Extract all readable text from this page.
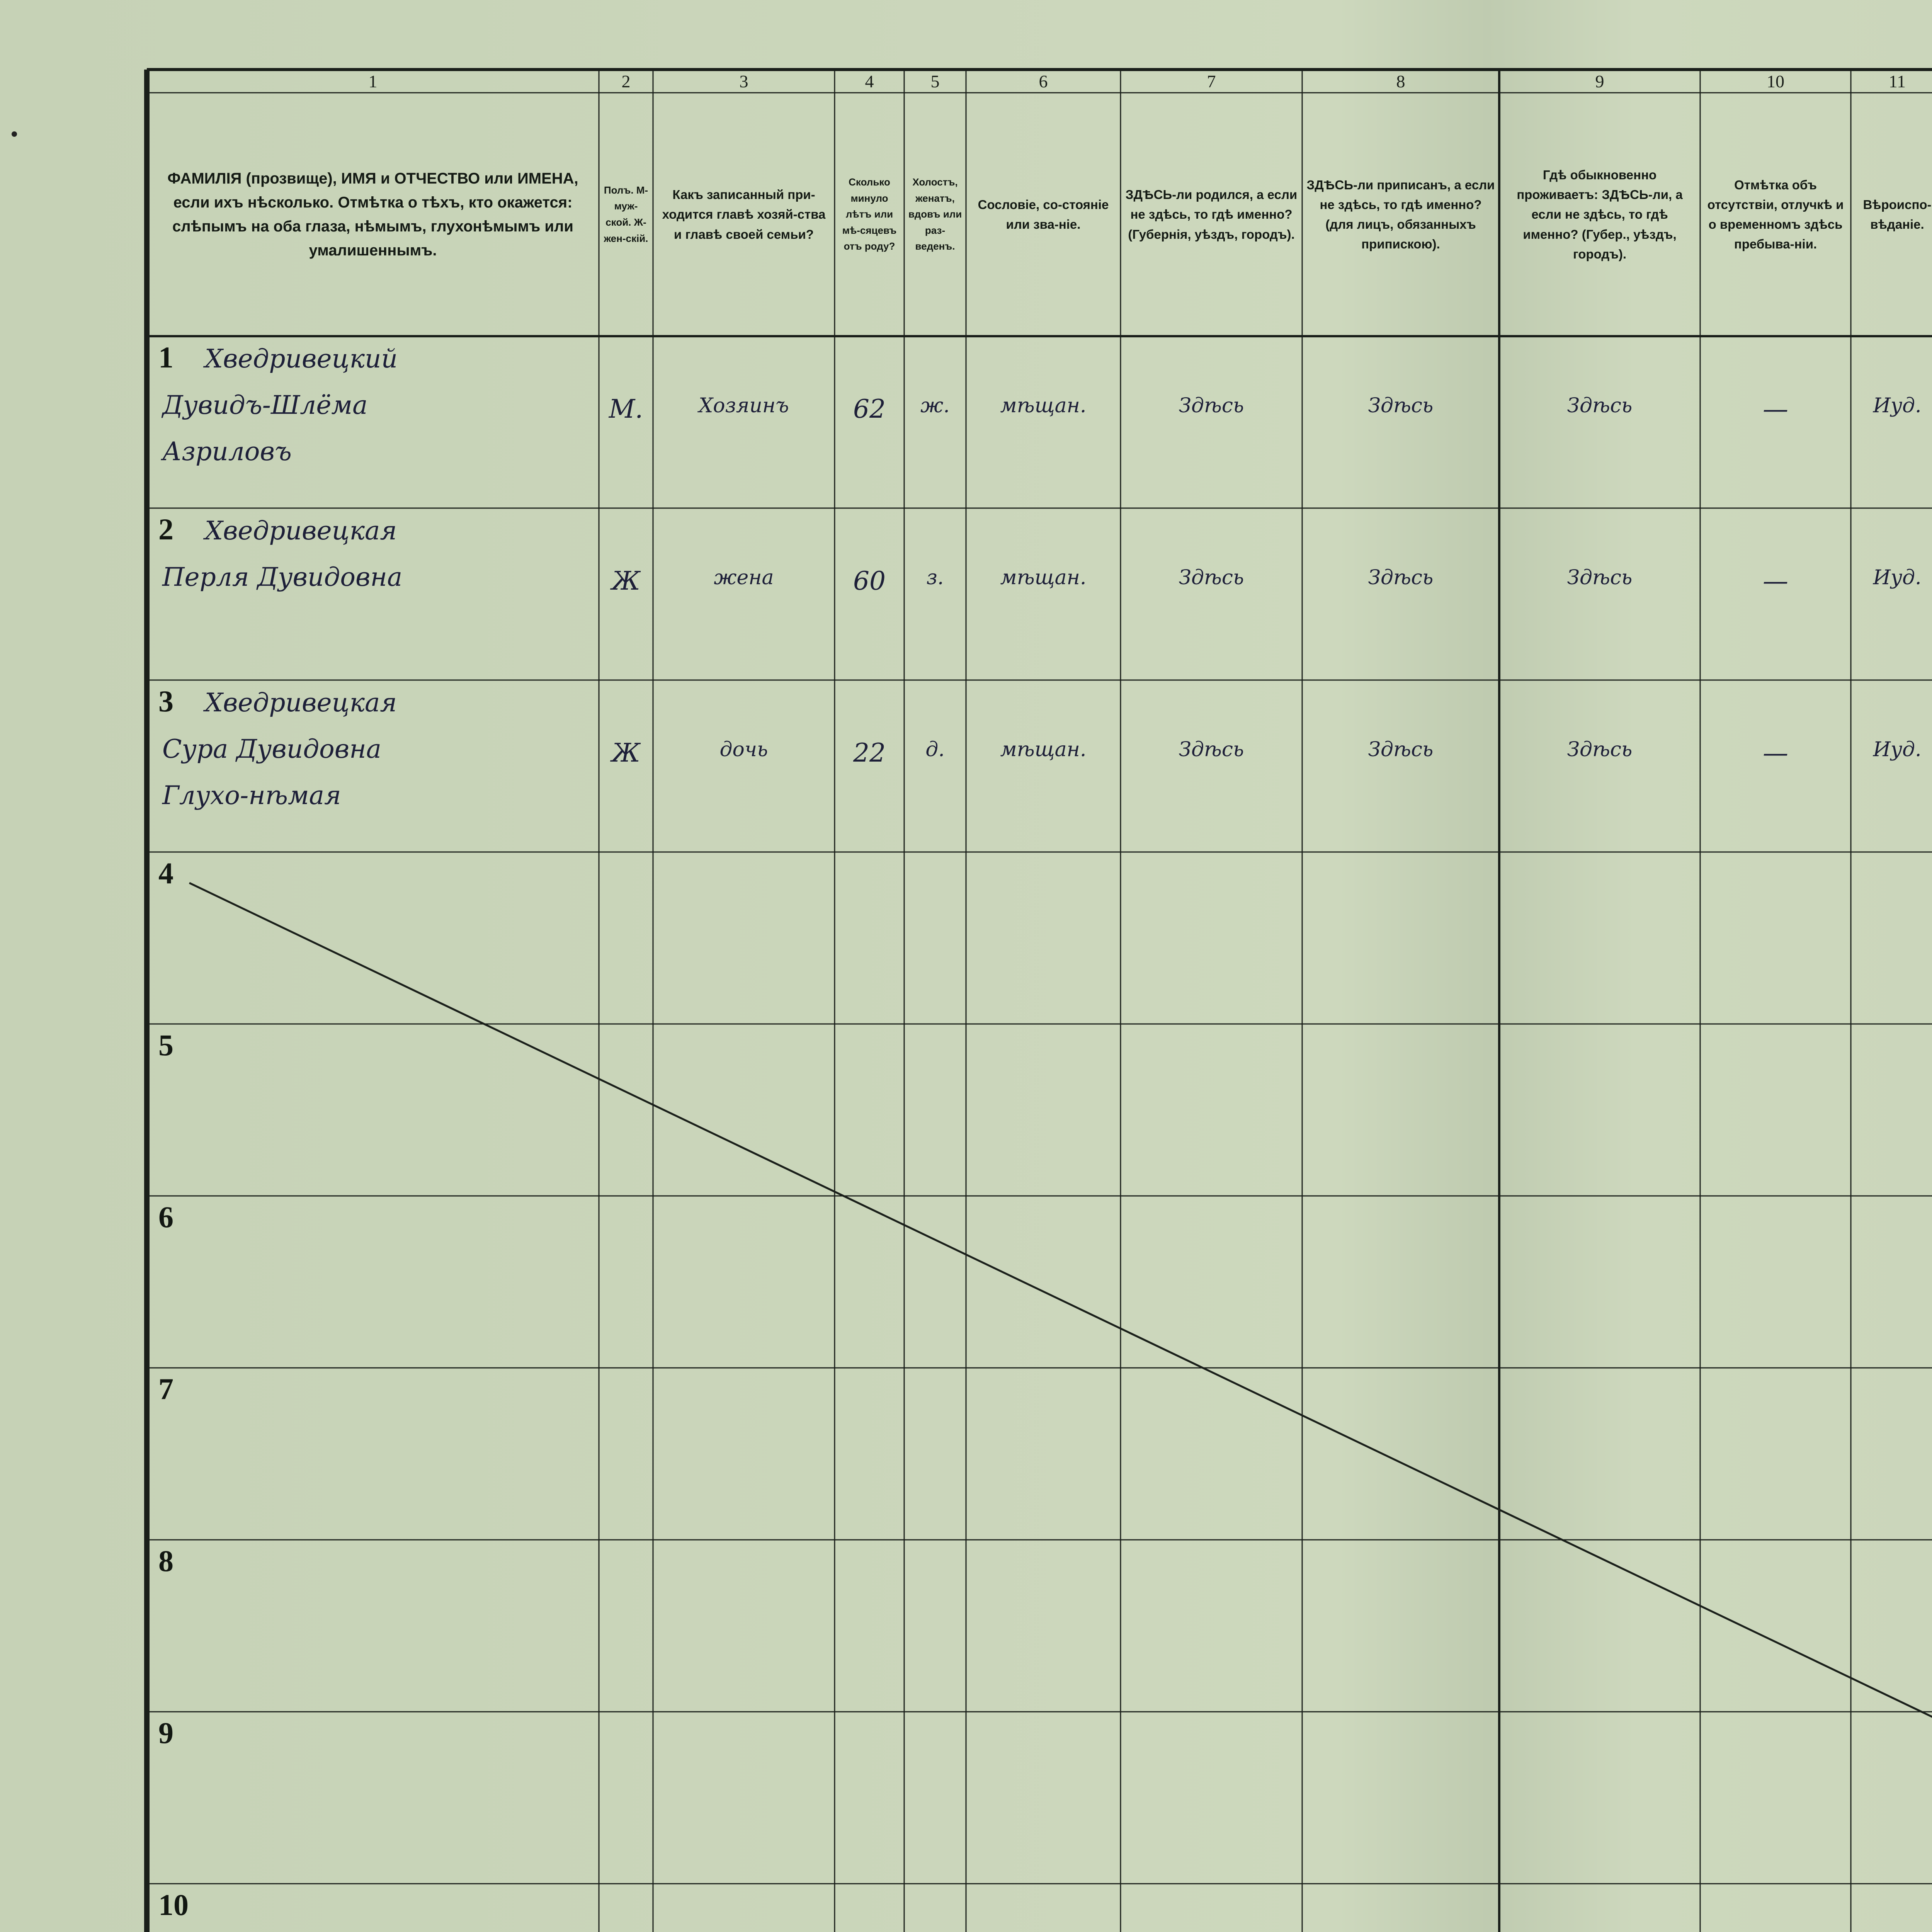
1	2	3	4	5	6	7	8	9	10	11
ФАМИЛІЯ (прозвище), ИМЯ и ОТЧЕСТВО или ИМЕНА, если ихъ нѣсколько. Отмѣтка о тѣхъ, кто окажется: слѣпымъ на оба глаза, нѣмымъ, глухонѣмымъ или умалишеннымъ.
Полъ. М-муж-ской. Ж-жен-скій.
Какъ записанный при-ходится главѣ хозяй-ства и главѣ своей семьи?
Сколько минуло лѣтъ или мѣ-сяцевъ отъ роду?
Холостъ, женатъ, вдовъ или раз-веденъ.
Сословіе, со-стояніе или зва-ніе.
ЗДѢСЬ-ли родился, а если не здѣсь, то гдѣ именно? (Губернія, уѣздъ, городъ).
ЗДѢСЬ-ли приписанъ, а если не здѣсь, то гдѣ именно? (для лицъ, обязанныхъ припискою).
Гдѣ обыкновенно проживаетъ: ЗДѢСЬ-ли, а если не здѣсь, то гдѣ именно? (Губер., уѣздъ, городъ).
Отмѣтка объ отсутствіи, отлучкѣ и о временномъ здѣсь пребыва-ніи.
Вѣроиспо-вѣданіе.
1 Хведривецкий
Дувидъ-Шлёма
Азриловъ
М.	Хозяинъ	62	ж.	мѣщан.	Здѣсь	Здѣсь	Здѣсь	—	Иуд.
2 Хведривецкая
Перля Дувидовна	Ж	жена	60	з.	мѣщан.	Здѣсь	Здѣсь	Здѣсь	—	Иуд.
3 Хведривецкая
Сура Дувидовна
Глухо-нѣмая
Ж	дочь	22	д.	мѣщан.	Здѣсь	Здѣсь	Здѣсь	—	Иуд.
4
5
6
7
8
9
10
